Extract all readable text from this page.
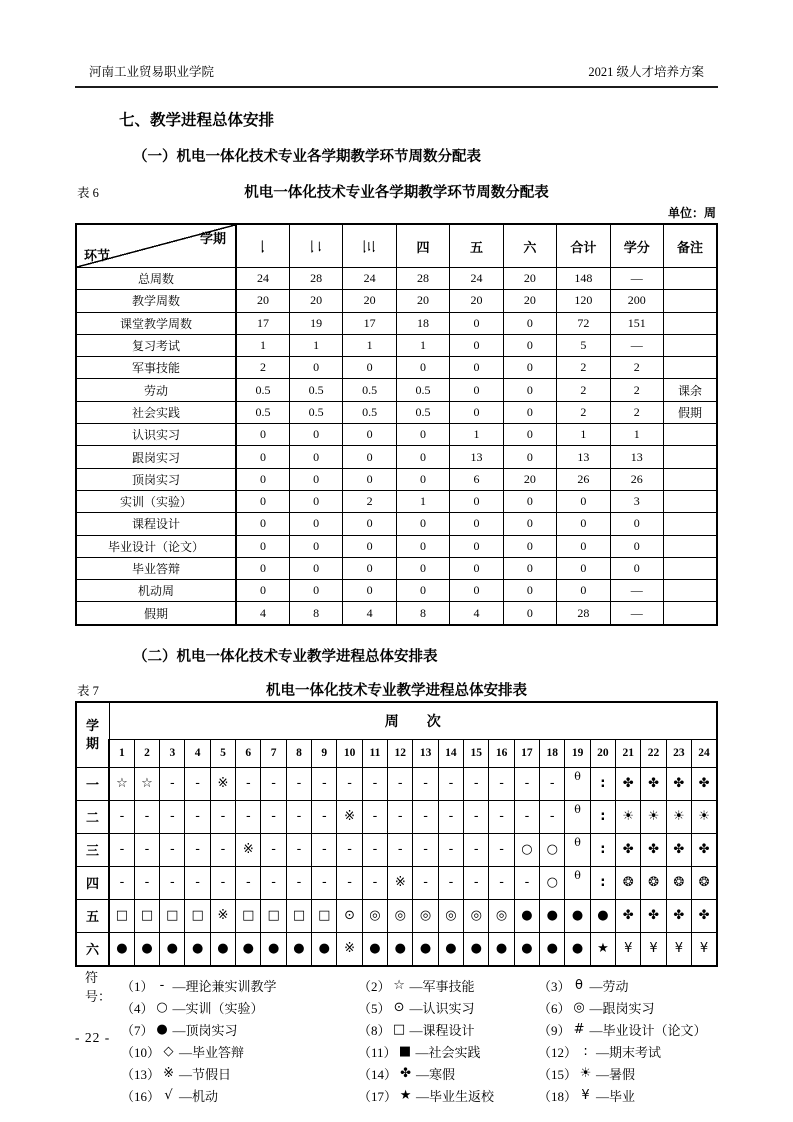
河南工业贸易职业学院	2021 级人才培养方案
七、教学进程总体安排
（一）机电一体化技术专业各学期教学环节周数分配表
表 6	机电一体化技术专业各学期教学环节周数分配表
单位：周
学期
环节	一	二	三	四	五	六	合计	学分	备注
总周数	24	28	24	28	24	20	148	—	
教学周数	20	20	20	20	20	20	120	200	
课堂教学周数	17	19	17	18	0	0	72	151	
复习考试	1	1	1	1	0	0	5	—	
军事技能	2	0	0	0	0	0	2	2	
劳动	0.5	0.5	0.5	0.5	0	0	2	2	课余
社会实践	0.5	0.5	0.5	0.5	0	0	2	2	假期
认识实习	0	0	0	0	1	0	1	1	
跟岗实习	0	0	0	0	13	0	13	13	
顶岗实习	0	0	0	0	6	20	26	26	
实训（实验）	0	0	2	1	0	0	0	3	
课程设计	0	0	0	0	0	0	0	0	
毕业设计（论文）	0	0	0	0	0	0	0	0	
毕业答辩	0	0	0	0	0	0	0	0	
机动周	0	0	0	0	0	0	0	—	
假期	4	8	4	8	4	0	28	—	
（二）机电一体化技术专业教学进程总体安排表
表 7	机电一体化技术专业教学进程总体安排表
学期	周        次																							
	1	2	3	4	5	6	7	8	9	10	11	12	13	14	15	16	17	18	19	20	21	22	23	24
一	☆	☆	-	-	※	-	-	-	-	-	-	-	-	-	-	-	-	-	θ	:	✤	✤	✤	✤
二	-	-	-	-	-	-	-	-	-	※	-	-	-	-	-	-	-	-	θ	:	☀	☀	☀	☀
三	-	-	-	-	-	※	-	-	-	-	-	-	-	-	-	-	○	○	θ	:	✤	✤	✤	✤
四	-	-	-	-	-	-	-	-	-	-	-	※	-	-	-	-	-	○	θ	:	❂	❂	❂	❂
五	□	□	□	□	※	□	□	□	□	⊙	◎	◎	◎	◎	◎	◎	●	●	●	●	✤	✤	✤	✤
六	●	●	●	●	●	●	●	●	●	※	●	●	●	●	●	●	●	●	●	★	¥	¥	¥	¥
符号：
（1） - —理论兼实训教学	（2） ☆ —军事技能	（3） θ —劳动
（4） ○ —实训（实验）	（5） ⊙ —认识实习	（6） ◎ —跟岗实习
（7） ● —顶岗实习	（8） □ —课程设计	（9） # —毕业设计（论文）
（10） ◇ —毕业答辩	（11） ■ —社会实践	（12） : —期末考试
（13） ※ —节假日	（14） ✤ —寒假	（15） ☀ —暑假
（16） √ —机动	（17） ★ —毕业生返校	（18） ¥ —毕业
- 22 -
